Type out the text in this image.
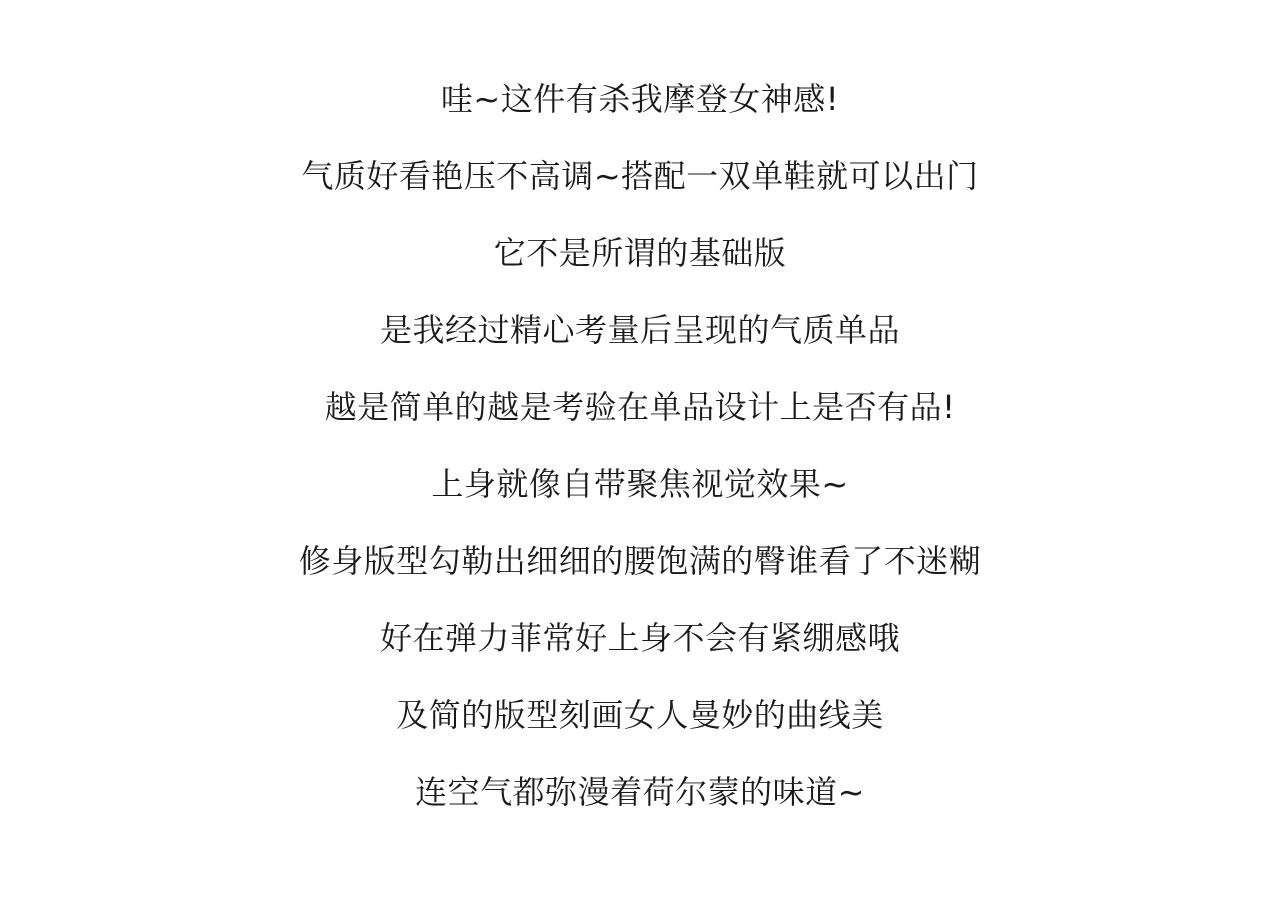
哇~这件有杀我摩登女神感!
气质好看艳压不高调~搭配一双单鞋就可以出门
它不是所谓的基础版
是我经过精心考量后呈现的气质单品
越是简单的越是考验在单品设计上是否有品!
上身就像自带聚焦视觉效果~
修身版型勾勒出细细的腰饱满的臀谁看了不迷糊
好在弹力菲常好上身不会有紧绷感哦
及简的版型刻画女人曼妙的曲线美
连空气都弥漫着荷尔蒙的味道~
